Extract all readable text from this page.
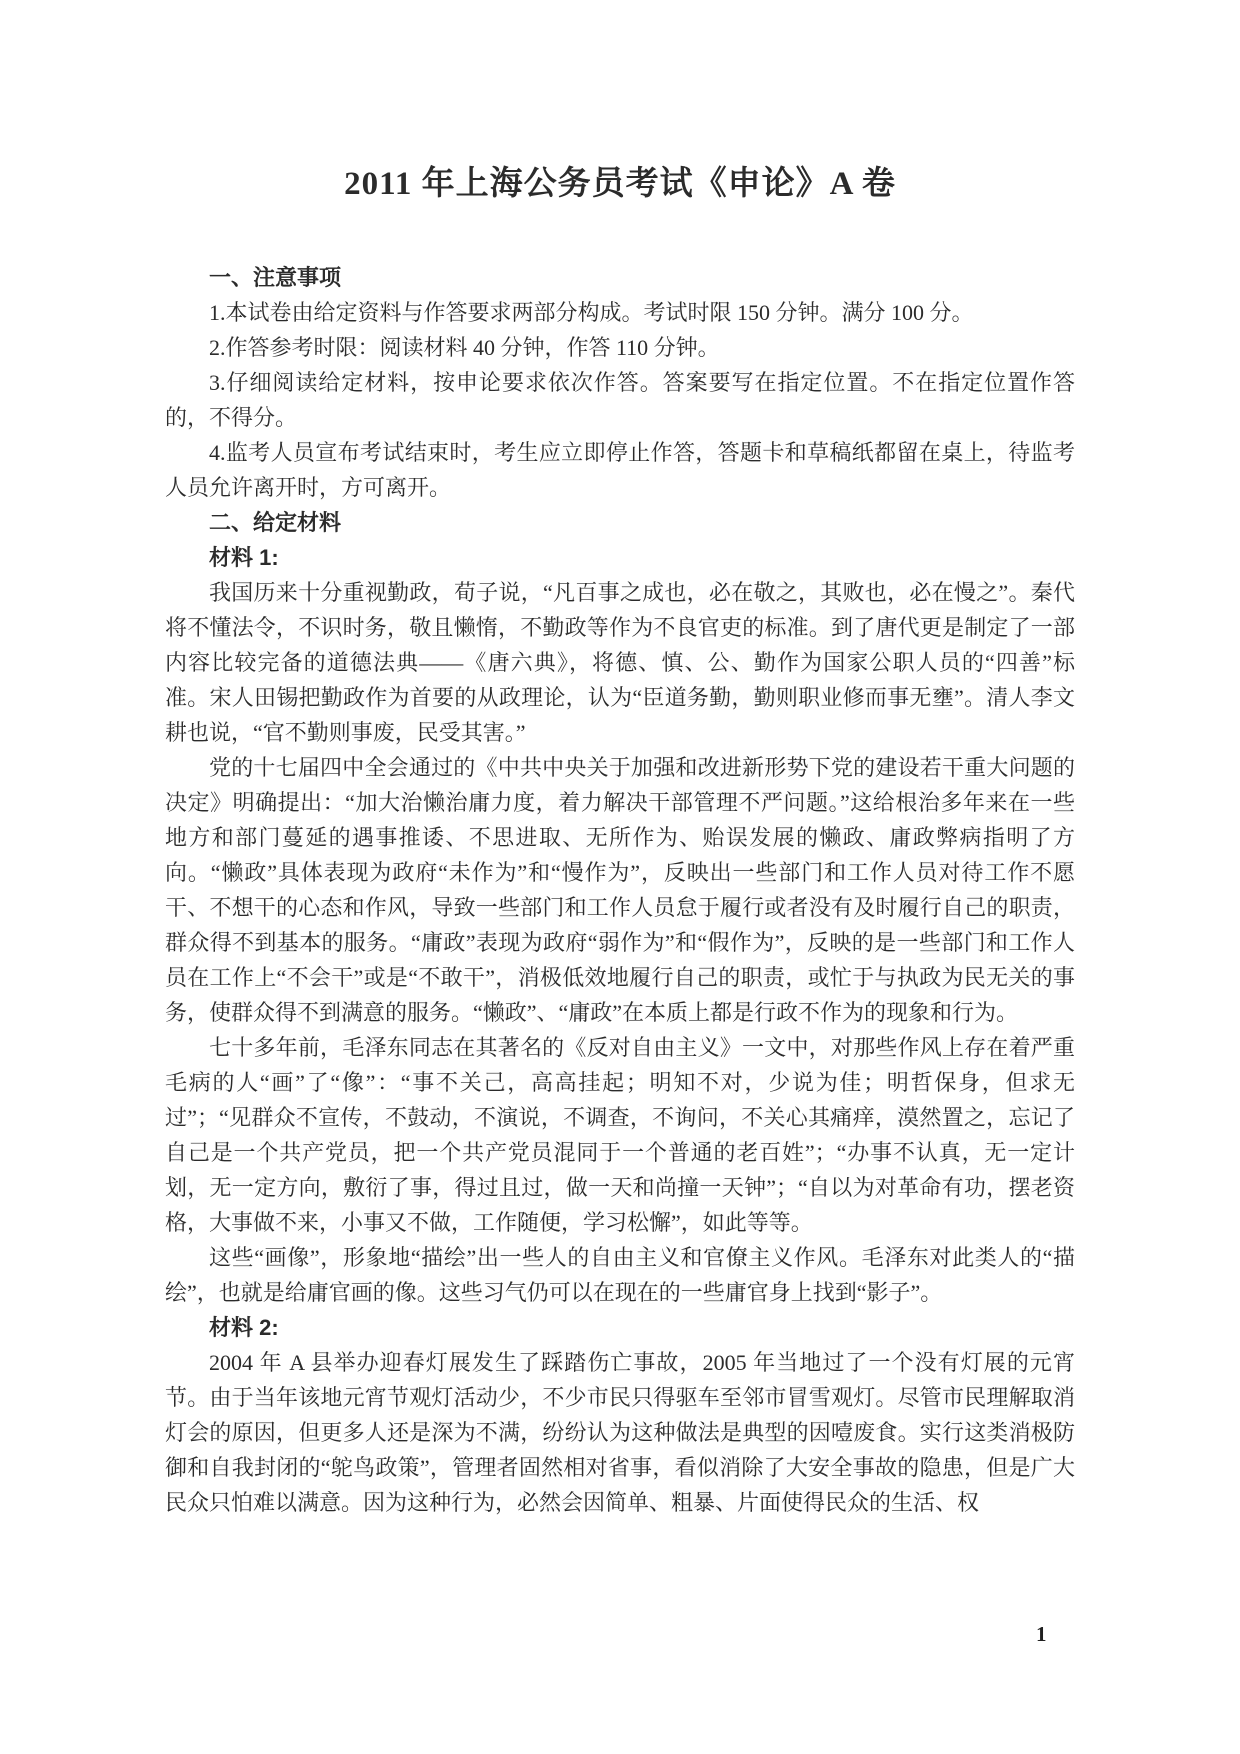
2011 年上海公务员考试《申论》A 卷

一、注意事项

1.本试卷由给定资料与作答要求两部分构成。考试时限 150 分钟。满分 100 分。

2.作答参考时限：阅读材料 40 分钟，作答 110 分钟。

3.仔细阅读给定材料，按申论要求依次作答。答案要写在指定位置。不在指定位置作答的，不得分。

4.监考人员宣布考试结束时，考生应立即停止作答，答题卡和草稿纸都留在桌上，待监考人员允许离开时，方可离开。

二、给定材料

材料 1:

我国历来十分重视勤政，荀子说，“凡百事之成也，必在敬之，其败也，必在慢之”。秦代将不懂法令，不识时务，敬且懒惰，不勤政等作为不良官吏的标准。到了唐代更是制定了一部内容比较完备的道德法典——《唐六典》，将德、慎、公、勤作为国家公职人员的“四善”标准。宋人田锡把勤政作为首要的从政理论，认为“臣道务勤，勤则职业修而事无壅”。清人李文耕也说，“官不勤则事废，民受其害。”

党的十七届四中全会通过的《中共中央关于加强和改进新形势下党的建设若干重大问题的决定》明确提出：“加大治懒治庸力度，着力解决干部管理不严问题。”这给根治多年来在一些地方和部门蔓延的遇事推诿、不思进取、无所作为、贻误发展的懒政、庸政弊病指明了方向。“懒政”具体表现为政府“未作为”和“慢作为”，反映出一些部门和工作人员对待工作不愿干、不想干的心态和作风，导致一些部门和工作人员怠于履行或者没有及时履行自己的职责，群众得不到基本的服务。“庸政”表现为政府“弱作为”和“假作为”，反映的是一些部门和工作人员在工作上“不会干”或是“不敢干”，消极低效地履行自己的职责，或忙于与执政为民无关的事务，使群众得不到满意的服务。“懒政”、“庸政”在本质上都是行政不作为的现象和行为。

七十多年前，毛泽东同志在其著名的《反对自由主义》一文中，对那些作风上存在着严重毛病的人“画”了“像”：“事不关己，高高挂起；明知不对，少说为佳；明哲保身，但求无过”；“见群众不宣传，不鼓动，不演说，不调查，不询问，不关心其痛痒，漠然置之，忘记了自己是一个共产党员，把一个共产党员混同于一个普通的老百姓”；“办事不认真，无一定计划，无一定方向，敷衍了事，得过且过，做一天和尚撞一天钟”；“自以为对革命有功，摆老资格，大事做不来，小事又不做，工作随便，学习松懈”，如此等等。

这些“画像”，形象地“描绘”出一些人的自由主义和官僚主义作风。毛泽东对此类人的“描绘”，也就是给庸官画的像。这些习气仍可以在现在的一些庸官身上找到“影子”。

材料 2:

2004 年 A 县举办迎春灯展发生了踩踏伤亡事故，2005 年当地过了一个没有灯展的元宵节。由于当年该地元宵节观灯活动少，不少市民只得驱车至邻市冒雪观灯。尽管市民理解取消灯会的原因，但更多人还是深为不满，纷纷认为这种做法是典型的因噎废食。实行这类消极防御和自我封闭的“鸵鸟政策”，管理者固然相对省事，看似消除了大安全事故的隐患，但是广大民众只怕难以满意。因为这种行为，必然会因简单、粗暴、片面使得民众的生活、权

1
